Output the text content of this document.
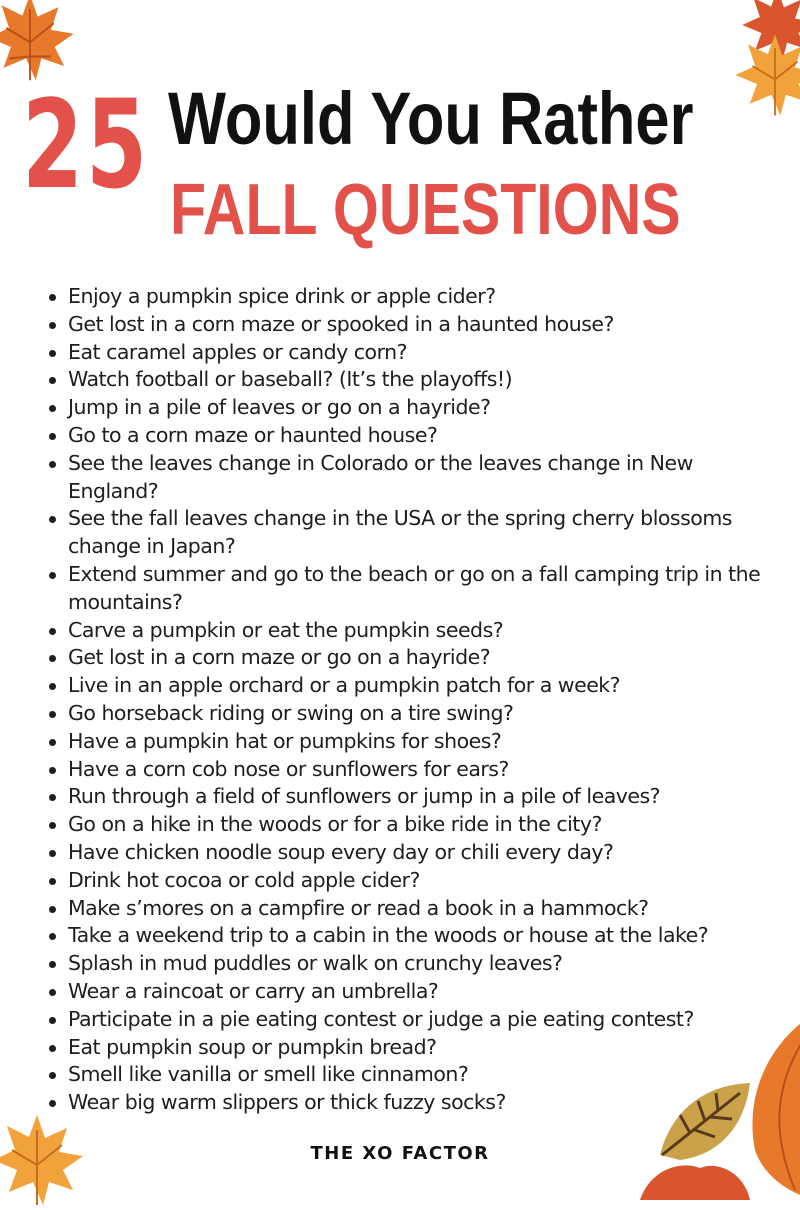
25 Would You Rather
FALL QUESTIONS
Enjoy a pumpkin spice drink or apple cider?
Get lost in a corn maze or spooked in a haunted house?
Eat caramel apples or candy corn?
Watch football or baseball? (It’s the playoffs!)
Jump in a pile of leaves or go on a hayride?
Go to a corn maze or haunted house?
See the leaves change in Colorado or the leaves change in New England?
See the fall leaves change in the USA or the spring cherry blossoms change in Japan?
Extend summer and go to the beach or go on a fall camping trip in the mountains?
Carve a pumpkin or eat the pumpkin seeds?
Get lost in a corn maze or go on a hayride?
Live in an apple orchard or a pumpkin patch for a week?
Go horseback riding or swing on a tire swing?
Have a pumpkin hat or pumpkins for shoes?
Have a corn cob nose or sunflowers for ears?
Run through a field of sunflowers or jump in a pile of leaves?
Go on a hike in the woods or for a bike ride in the city?
Have chicken noodle soup every day or chili every day?
Drink hot cocoa or cold apple cider?
Make s’mores on a campfire or read a book in a hammock?
Take a weekend trip to a cabin in the woods or house at the lake?
Splash in mud puddles or walk on crunchy leaves?
Wear a raincoat or carry an umbrella?
Participate in a pie eating contest or judge a pie eating contest?
Eat pumpkin soup or pumpkin bread?
Smell like vanilla or smell like cinnamon?
Wear big warm slippers or thick fuzzy socks?
THE XO FACTOR
